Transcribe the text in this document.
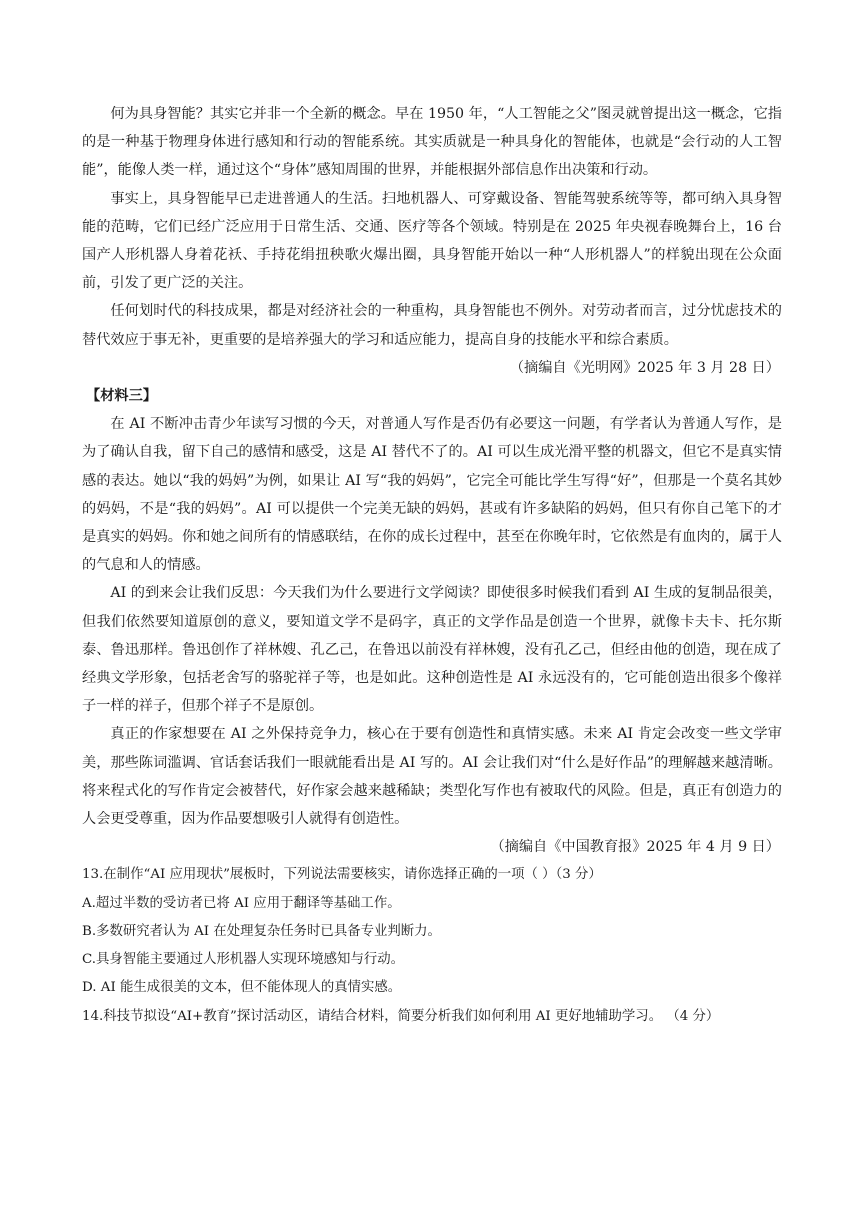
何为具身智能？其实它并非一个全新的概念。早在 1950 年，“人工智能之父”图灵就曾提出这一概念，它指的是一种基于物理身体进行感知和行动的智能系统。其实质就是一种具身化的智能体，也就是“会行动的人工智能”，能像人类一样，通过这个“身体”感知周围的世界，并能根据外部信息作出决策和行动。

事实上，具身智能早已走进普通人的生活。扫地机器人、可穿戴设备、智能驾驶系统等等，都可纳入具身智能的范畴，它们已经广泛应用于日常生活、交通、医疗等各个领域。特别是在 2025 年央视春晚舞台上，16 台国产人形机器人身着花袄、手持花绢扭秧歌火爆出圈，具身智能开始以一种“人形机器人”的样貌出现在公众面前，引发了更广泛的关注。

任何划时代的科技成果，都是对经济社会的一种重构，具身智能也不例外。对劳动者而言，过分忧虑技术的替代效应于事无补，更重要的是培养强大的学习和适应能力，提高自身的技能水平和综合素质。

（摘编自《光明网》2025 年 3 月 28 日）

【材料三】

在 AI 不断冲击青少年读写习惯的今天，对普通人写作是否仍有必要这一问题，有学者认为普通人写作，是为了确认自我，留下自己的感情和感受，这是 AI 替代不了的。AI 可以生成光滑平整的机器文，但它不是真实情感的表达。她以“我的妈妈”为例，如果让 AI 写“我的妈妈”，它完全可能比学生写得“好”，但那是一个莫名其妙的妈妈，不是“我的妈妈”。AI 可以提供一个完美无缺的妈妈，甚或有许多缺陷的妈妈，但只有你自己笔下的才是真实的妈妈。你和她之间所有的情感联结，在你的成长过程中，甚至在你晚年时，它依然是有血肉的，属于人的气息和人的情感。

AI 的到来会让我们反思：今天我们为什么要进行文学阅读？即使很多时候我们看到 AI 生成的复制品很美，但我们依然要知道原创的意义，要知道文学不是码字，真正的文学作品是创造一个世界，就像卡夫卡、托尔斯泰、鲁迅那样。鲁迅创作了祥林嫂、孔乙己，在鲁迅以前没有祥林嫂，没有孔乙己，但经由他的创造，现在成了经典文学形象，包括老舍写的骆驼祥子等，也是如此。这种创造性是 AI 永远没有的，它可能创造出很多个像祥子一样的祥子，但那个祥子不是原创。

真正的作家想要在 AI 之外保持竞争力，核心在于要有创造性和真情实感。未来 AI 肯定会改变一些文学审美，那些陈词滥调、官话套话我们一眼就能看出是 AI 写的。AI 会让我们对“什么是好作品”的理解越来越清晰。将来程式化的写作肯定会被替代，好作家会越来越稀缺；类型化写作也有被取代的风险。但是，真正有创造力的人会更受尊重，因为作品要想吸引人就得有创造性。

（摘编自《中国教育报》2025 年 4 月 9 日）

13.在制作“AI 应用现状”展板时，下列说法需要核实，请你选择正确的一项（ ）（3 分）

A.超过半数的受访者已将 AI 应用于翻译等基础工作。

B.多数研究者认为 AI 在处理复杂任务时已具备专业判断力。

C.具身智能主要通过人形机器人实现环境感知与行动。

D. AI 能生成很美的文本，但不能体现人的真情实感。

14.科技节拟设“AI+教育”探讨活动区，请结合材料，简要分析我们如何利用 AI 更好地辅助学习。 （4 分）
